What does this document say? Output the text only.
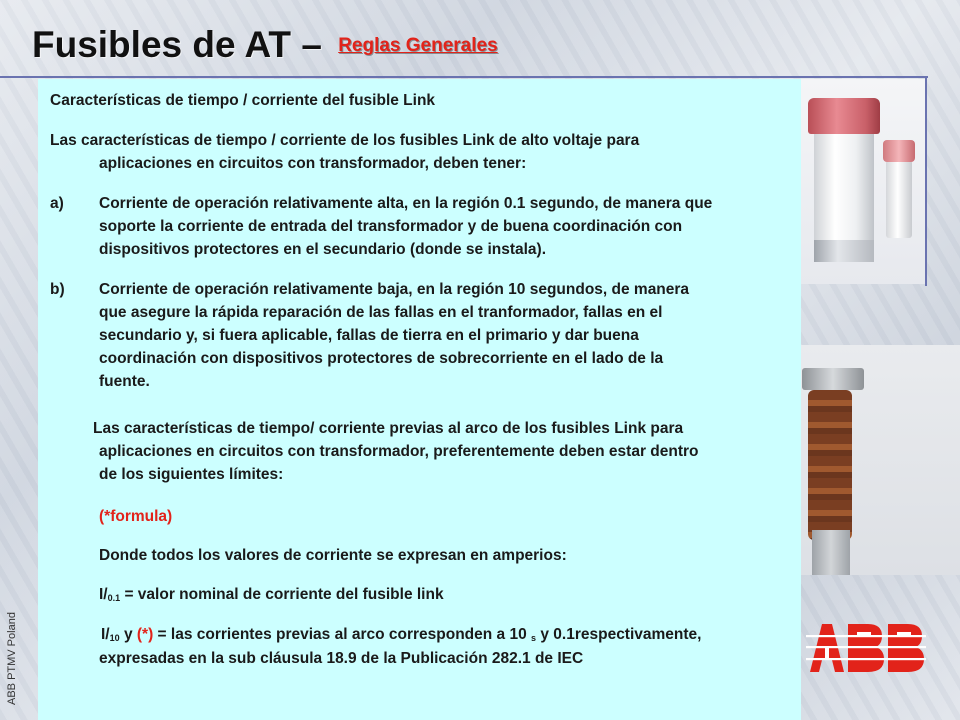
Fusibles de AT – $^{Reglas Generales}$
ABB PTMV Poland

Características de tiempo / corriente del fusible Link

Las características de tiempo / corriente de los fusibles Link de alto voltaje para

aplicaciones en circuitos con transformador, deben tener:

a) Corriente de operación relativamente alta, en la región 0.1 segundo, de manera que

soporte la corriente de entrada del transformador y de buena coordinación con

dispositivos protectores en el secundario (donde se instala).

b) Corriente de operación relativamente baja, en la región 10 segundos, de manera

que asegure la rápida reparación de las fallas en el tranformador, fallas en el

secundario y, si fuera aplicable, fallas de tierra en el primario y dar buena

coordinación con dispositivos protectores de sobrecorriente en el lado de la

fuente.

Las características de tiempo/ corriente previas al arco de los fusibles Link para

aplicaciones en circuitos con transformador, preferentemente deben estar dentro

de los siguientes límites:

(*formula)

Donde todos los valores de corriente se expresan en amperios:

$I/_{0.1}$ = valor nominal de corriente del fusible link

$I/_{10}$ y (*) = las corrientes previas al arco corresponden a 10 $_s$ y 0.1respectivamente,

expresadas en la sub cláusula 18.9 de la Publicación 282.1 de IEC
